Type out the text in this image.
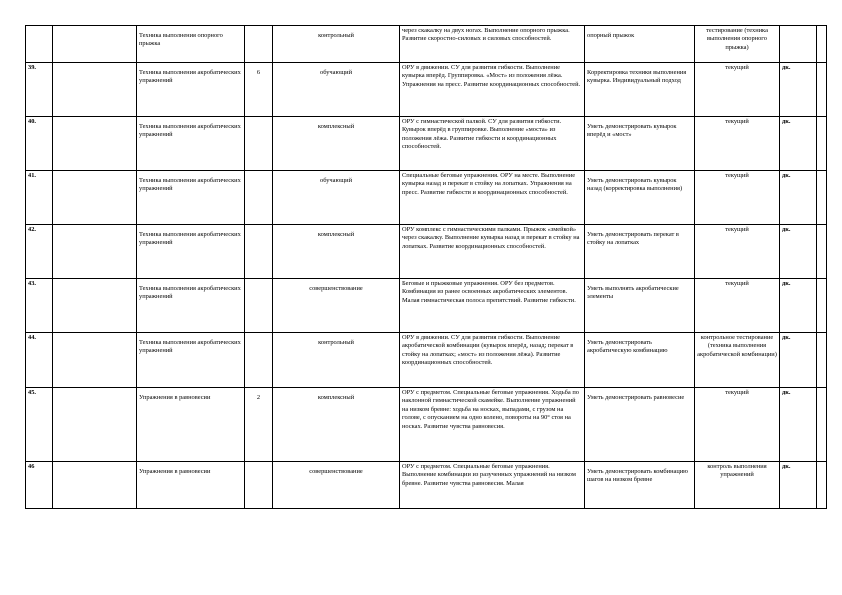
		Техника выполнения опорного прыжка		контрольный	через скакалку на двух ногах. Выполнение опорного прыжка. Развитие скоростно-силовых и силовых способностей.	опорный прыжок	тестирование (техника выполнения опорного прыжка)		
39.		Техника выполнения акробатических упражнений	6	обучающий	ОРУ в движении. СУ для развития гибкости. Выполнение кувырка вперёд. Группировка. «Мост» из положения лёжа. Упражнения на пресс. Развитие координационных способностей.	Корректировка техники выполнения кувырка. Индивидуальный подход	текущий	дк.	
40.		Техника выполнения акробатических упражнений		комплексный	ОРУ с гимнастической палкой. СУ для развития гибкости. Кувырок вперёд в группировке. Выполнение «моста» из положения лёжа. Развитие гибкости и координационных способностей.	Уметь демонстрировать кувырок вперёд и «мост»	текущий	дк.	
41.		Техника выполнения акробатических упражнений		обучающий	Специальные беговые упражнения. ОРУ на месте. Выполнение кувырка назад и перекат в стойку на лопатках. Упражнения на пресс. Развитие гибкости и координационных способностей.	Уметь демонстрировать кувырок назад (корректировка выполнения)	текущий	дк.	
42.		Техника выполнения акробатических упражнений		комплексный	ОРУ комплекс с гимнастическими палками. Прыжок «змейкой» через скакалку. Выполнение кувырка назад и перекат в стойку на лопатках. Развитие координационных способностей.	Уметь демонстрировать перекат в стойку на лопатках	текущий	дк.	
43.		Техника выполнения акробатических упражнений		совершенствование	Беговые и прыжковые упражнения. ОРУ без предметов. Комбинация из ранее освоенных акробатических элементов. Малая гимнастическая полоса препятствий. Развитие гибкости.	Уметь выполнять акробатические элементы	текущий	дк.	
44.		Техника выполнения акробатических упражнений		контрольный	ОРУ в движении. СУ для развития гибкости. Выполнение акробатической комбинации (кувырок вперёд, назад; перекат в стойку на лопатках; «мост» из положения лёжа). Развитие координационных способностей.	Уметь демонстрировать акробатическую комбинацию	контрольное тестирование (техника выполнения акробатической комбинации)	дк.	
45.		Упражнения в равновесии	2	комплексный	ОРУ с предметом. Специальные беговые упражнения. Ходьба по наклонной гимнастической скамейке. Выполнение упражнений на низком бревне: ходьба на носках, выпадами, с грузом на голове, с опусканием на одно колено, повороты на 90° стоя на носках. Развитие чувства равновесия.	Уметь демонстрировать равновесие	текущий	дк.	
46		Упражнения в равновесии		совершенствование	ОРУ с предметом. Специальные беговые упражнения. Выполнение комбинации из разученных упражнений на низком бревне. Развитие чувства равновесия. Малая	Уметь демонстрировать комбинацию шагов на низком бревне	контроль выполнения упражнений	дк.	
